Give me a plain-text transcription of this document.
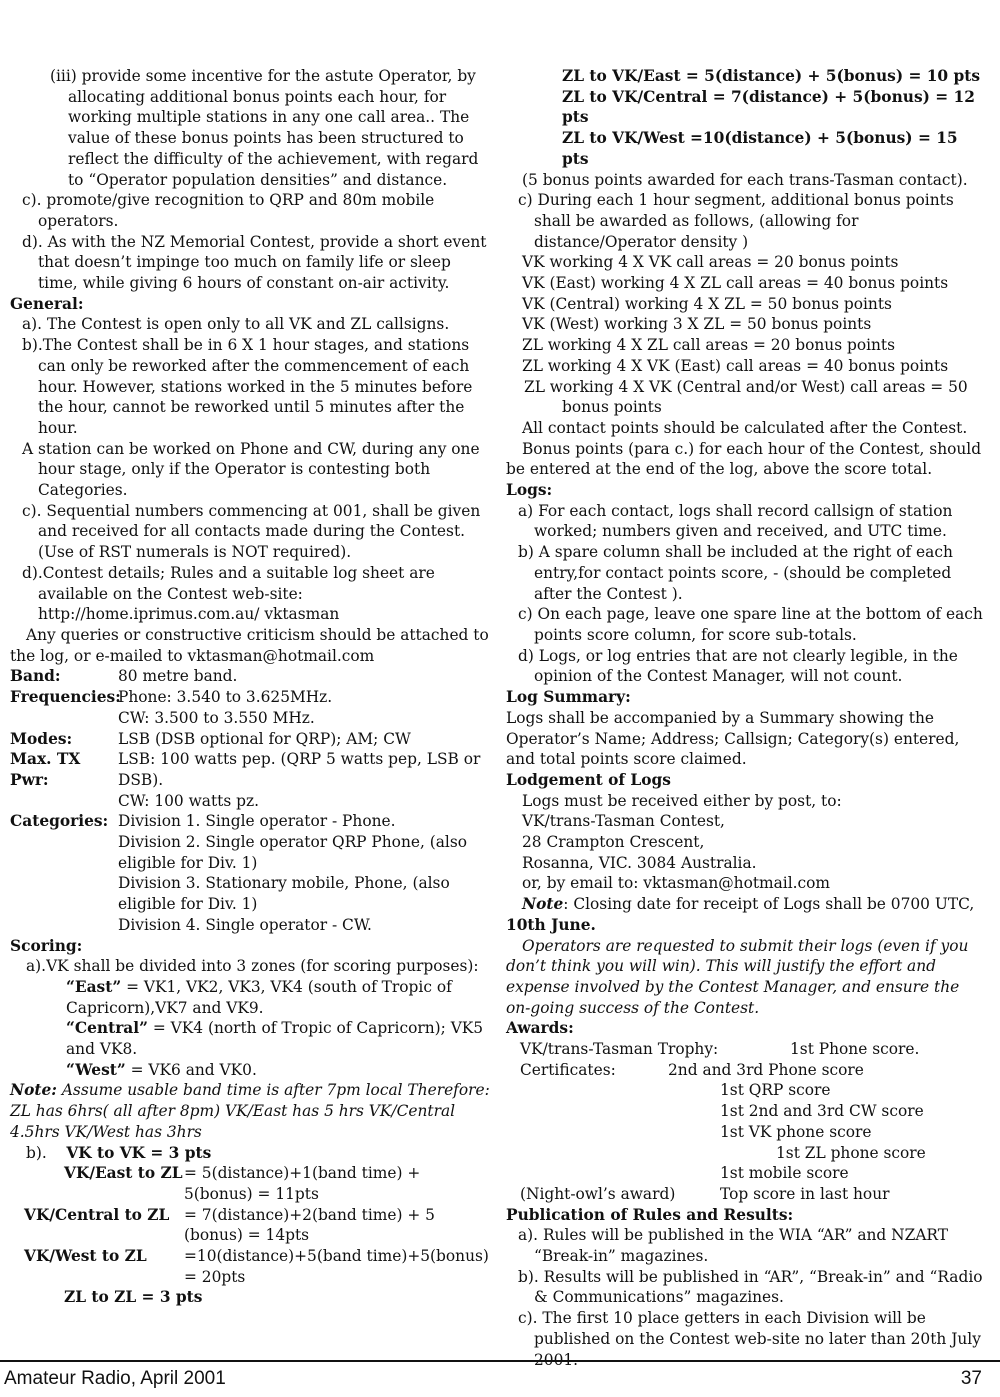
(iii) provide some incentive for the astute Operator, by allocating additional bonus points each hour, for working multiple stations in any one call area.. The value of these bonus points has been structured to reflect the difficulty of the achievement, with regard to “Operator population densities” and distance.

c). promote/give recognition to QRP and 80m mobile operators.

d). As with the NZ Memorial Contest, provide a short event that doesn’t impinge too much on family life or sleep time, while giving 6 hours of constant on-air activity.

General:

a). The Contest is open only to all VK and ZL callsigns.

b).The Contest shall be in 6 X 1 hour stages, and stations can only be reworked after the commencement of each hour. However, stations worked in the 5 minutes before the hour, cannot be reworked until 5 minutes after the hour.

A station can be worked on Phone and CW, during any one hour stage, only if the Operator is contesting both Categories.

c). Sequential numbers commencing at 001, shall be given and received for all contacts made during the Contest. (Use of RST numerals is NOT required).

d).Contest details; Rules and a suitable log sheet are available on the Contest web-site: http://home.iprimus.com.au/ vktasman

Any queries or constructive criticism should be attached to the log, or e-mailed to vktasman@hotmail.com

Band:	80 metre band.
Frequencies:
Phone: 3.540 to 3.625MHz.

CW: 3.500 to 3.550 MHz.

Modes:	LSB (DSB optional for QRP); AM; CW
Max. TX Pwr:
LSB: 100 watts pep. (QRP 5 watts pep, LSB or DSB).

CW: 100 watts pz.

Categories: Division 1. Single operator - Phone.

Division 2. Single operator QRP Phone, (also eligible for Div. 1)

Division 3. Stationary mobile, Phone, (also eligible for Div. 1)

Division 4. Single operator - CW.

Scoring:

a).VK shall be divided into 3 zones (for scoring purposes):

“East” = VK1, VK2, VK3, VK4 (south of Tropic of Capricorn),VK7 and VK9.

“Central” = VK4 (north of Tropic of Capricorn); VK5 and VK8.

“West” = VK6 and VK0.

Note: Assume usable band time is after 7pm local Therefore: ZL has 6hrs( all after 8pm) VK/East has 5 hrs VK/Central 4.5hrs VK/West has 3hrs

b). VK to VK = 3 pts

VK/East to ZL = 5(distance)+1(band time) + 5(bonus) = 11pts
VK/Central to ZL = 7(distance)+2(band time) + 5 (bonus) = 14pts
VK/West to ZL	=10(distance)+5(band time)+5(bonus) = 20pts

ZL to ZL = 3 pts

ZL to VK/East = 5(distance) + 5(bonus) = 10 pts

ZL to VK/Central = 7(distance) + 5(bonus) = 12 pts

ZL to VK/West =10(distance) + 5(bonus) = 15 pts

(5 bonus points awarded for each trans-Tasman contact).

c) During each 1 hour segment, additional bonus points shall be awarded as follows, (allowing for distance/Operator density )

VK working 4 X VK call areas = 20 bonus points

VK (East) working 4 X ZL call areas = 40 bonus points

VK (Central) working 4 X ZL = 50 bonus points

VK (West) working 3 X ZL = 50 bonus points

ZL working 4 X ZL call areas = 20 bonus points

ZL working 4 X VK (East) call areas = 40 bonus points

ZL working 4 X VK (Central and/or West) call areas = 50 bonus points

All contact points should be calculated after the Contest.

Bonus points (para c.) for each hour of the Contest, should be entered at the end of the log, above the score total.

Logs:

a) For each contact, logs shall record callsign of station worked; numbers given and received, and UTC time.

b) A spare column shall be included at the right of each entry,for contact points score, - (should be completed after the Contest ).

c) On each page, leave one spare line at the bottom of each points score column, for score sub-totals.

d) Logs, or log entries that are not clearly legible, in the opinion of the Contest Manager, will not count.

Log Summary:

Logs shall be accompanied by a Summary showing the Operator’s Name; Address; Callsign; Category(s) entered, and total points score claimed.

Lodgement of Logs

Logs must be received either by post, to:

VK/trans-Tasman Contest,

28 Crampton Crescent,

Rosanna, VIC. 3084 Australia.

or, by email to: vktasman@hotmail.com

Note: Closing date for receipt of Logs shall be 0700 UTC, 10th June.

Operators are requested to submit their logs (even if you don’t think you will win). This will justify the effort and expense involved by the Contest Manager, and ensure the on-going success of the Contest.

Awards:

VK/trans-Tasman Trophy:	1st Phone score.
Certificates:	2nd and 3rd Phone score

1st QRP score

1st 2nd and 3rd CW score

1st VK phone score

1st ZL phone score

1st mobile score

(Night-owl’s award)	Top score in last hour

Publication of Rules and Results:

a). Rules will be published in the WIA “AR” and NZART “Break-in” magazines.

b). Results will be published in “AR”, “Break-in” and “Radio & Communications” magazines.

c). The first 10 place getters in each Division will be published on the Contest web-site no later than 20th July 2001.

Amateur Radio, April 2001	37
